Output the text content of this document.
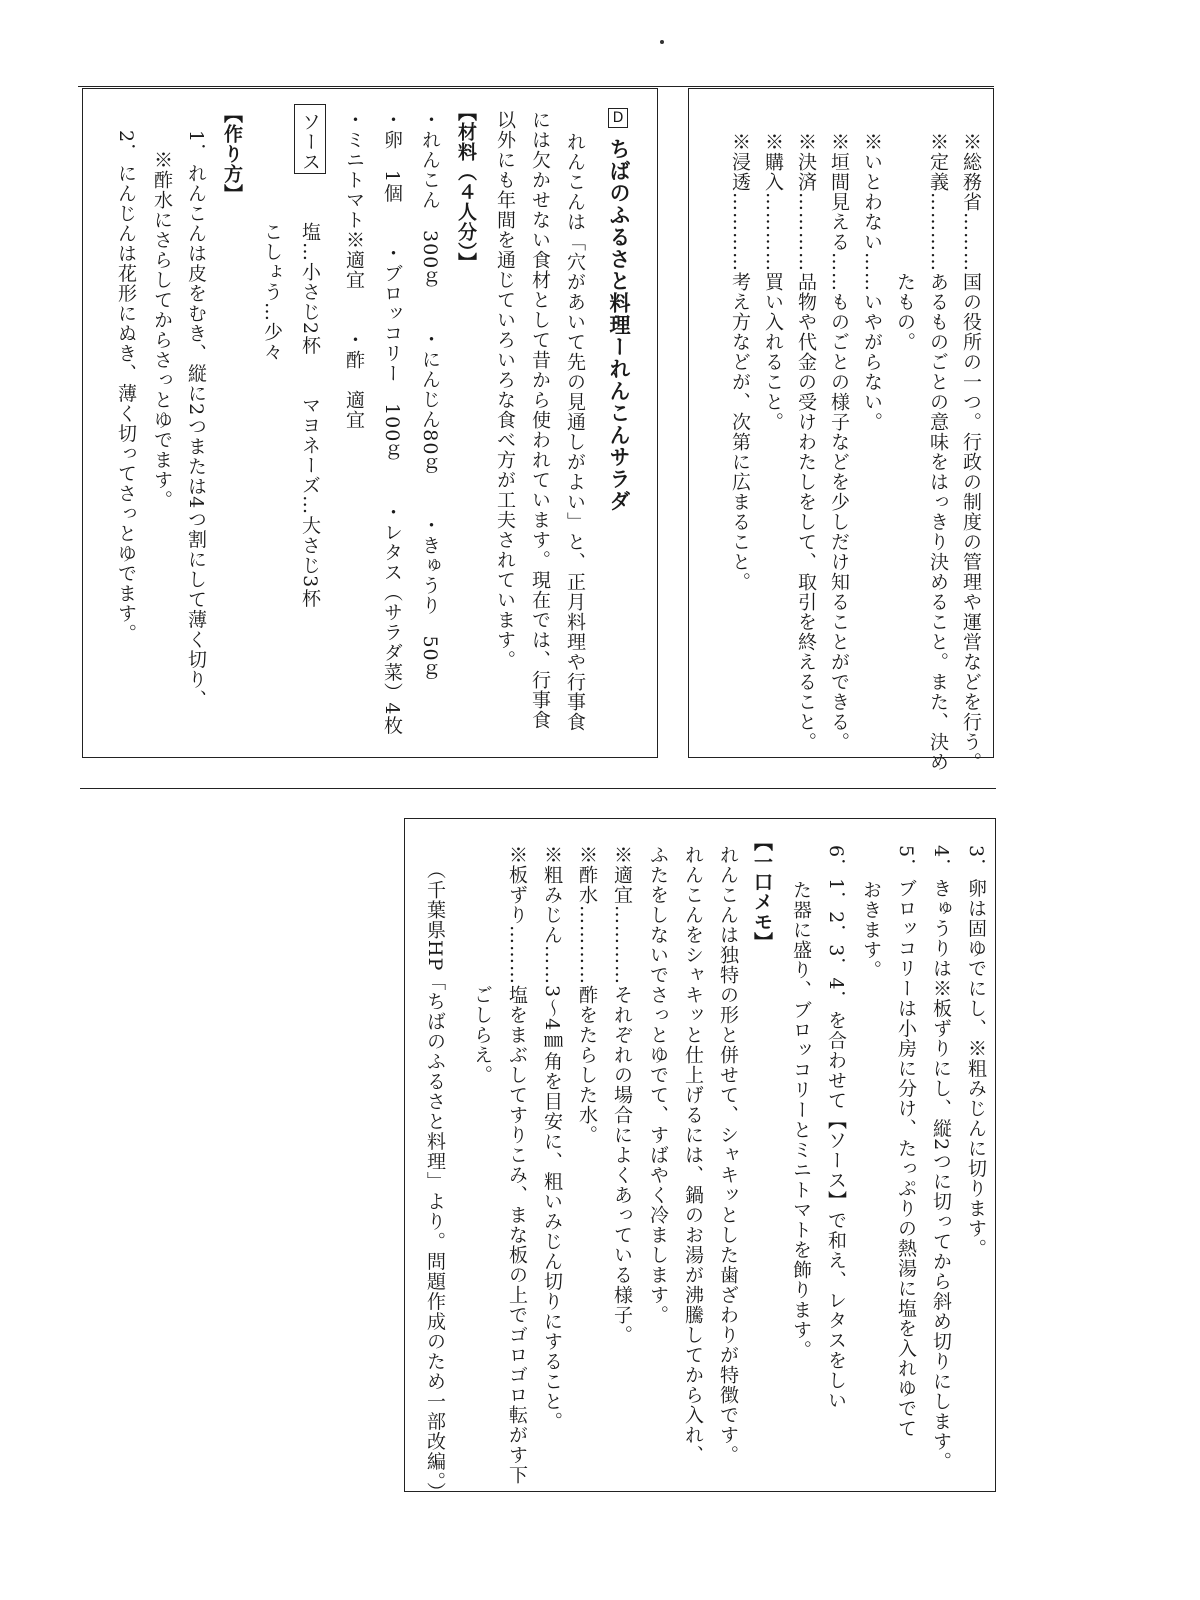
※総務省………国の役所の一つ。行政の制度の管理や運営などを行う。
※定義…………あるものごとの意味をはっきり決めること。また、決め
たもの。
※いとわない……いやがらない。
※垣間見える……ものごとの様子などを少しだけ知ることができる。
※決済…………品物や代金の受けわたしをして、取引を終えること。
※購入…………買い入れること。
※浸透…………考え方などが、次第に広まること。
D
ちばのふるさと料理ーれんこんサラダ
れんこんは「穴があいて先の見通しがよい」と、正月料理や行事食
には欠かせない食材として昔から使われています。現在では、行事食
以外にも年間を通じていろいろな食べ方が工夫されています。
【材料（４人分）】
・れんこん　300ｇ　　・にんじん80ｇ　　・きゅうり　50ｇ
・卵　1個　　・ブロッコリー　100ｇ　　・レタス（サラダ菜）4枚
・ミニトマト※適宜　　・酢　適宜
ソース
塩…小さじ2杯　　マヨネーズ…大さじ3杯
こしょう…少々
【作り方】
1．れんこんは皮をむき、縦に2つまたは4つ割にして薄く切り、
※酢水にさらしてからさっとゆでます。
2．にんじんは花形にぬき、薄く切ってさっとゆでます。
3．卵は固ゆでにし、※粗みじんに切ります。
4．きゅうりは※板ずりにし、縦2つに切ってから斜め切りにします。
5．ブロッコリーは小房に分け、たっぷりの熱湯に塩を入れゆでて
おきます。
6．1．2．3．4．を合わせて【ソース】で和え、レタスをしい
た器に盛り、ブロッコリーとミニトマトを飾ります。
【一口メモ】
れんこんは独特の形と併せて、シャキッとした歯ざわりが特徴です。
れんこんをシャキッと仕上げるには、鍋のお湯が沸騰してから入れ、
ふたをしないでさっとゆでて、すばやく冷まします。
※適宜…………それぞれの場合によくあっている様子。
※酢水…………酢をたらした水。
※粗みじん……3～4㎜角を目安に、粗いみじん切りにすること。
※板ずり………塩をまぶしてすりこみ、まな板の上でゴロゴロ転がす下
ごしらえ。
（千葉県HP「ちばのふるさと料理」より。問題作成のため一部改編。）
